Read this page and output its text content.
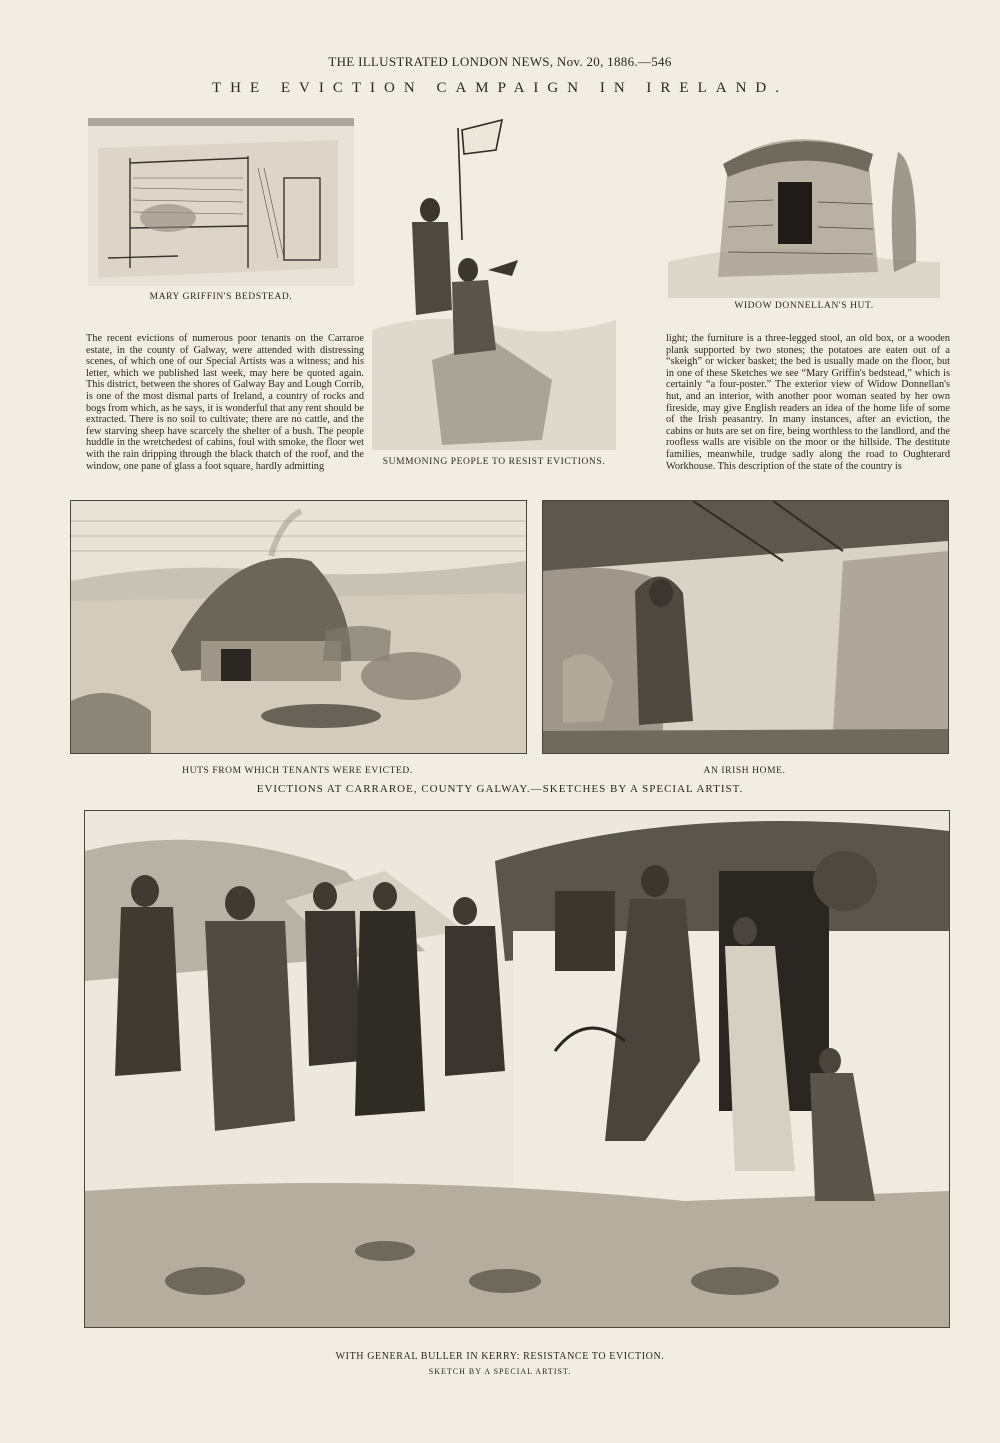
THE ILLUSTRATED LONDON NEWS, Nov. 20, 1886.—546
THE EVICTION CAMPAIGN IN IRELAND.
MARY GRIFFIN'S BEDSTEAD.
SUMMONING PEOPLE TO RESIST EVICTIONS.
WIDOW DONNELLAN'S HUT.
The recent evictions of numerous poor tenants on the Carraroe estate, in the county of Galway, were attended with distressing scenes, of which one of our Special Artists was a witness; and his letter, which we published last week, may here be quoted again. This district, between the shores of Galway Bay and Lough Corrib, is one of the most dismal parts of Ireland, a country of rocks and bogs from which, as he says, it is wonderful that any rent should be extracted. There is no soil to cultivate; there are no cattle, and the few starving sheep have scarcely the shelter of a bush. The people huddle in the wretchedest of cabins, foul with smoke, the floor wet with the rain dripping through the black thatch of the roof, and the window, one pane of glass a foot square, hardly admitting
light; the furniture is a three-legged stool, an old box, or a wooden plank supported by two stones; the potatoes are eaten out of a “skeigh” or wicker basket; the bed is usually made on the floor, but in one of these Sketches we see “Mary Griffin's bedstead,” which is certainly “a four-poster.” The exterior view of Widow Donnellan's hut, and an interior, with another poor woman seated by her own fireside, may give English readers an idea of the home life of some of the Irish peasantry. In many instances, after an eviction, the cabins or huts are set on fire, being worthless to the landlord, and the roofless walls are visible on the moor or the hillside. The destitute families, meanwhile, trudge sadly along the road to Oughterard Workhouse. This description of the state of the country is
HUTS FROM WHICH TENANTS WERE EVICTED.	AN IRISH HOME.
EVICTIONS AT CARRAROE, COUNTY GALWAY.—SKETCHES BY A SPECIAL ARTIST.
WITH GENERAL BULLER IN KERRY: RESISTANCE TO EVICTION.
SKETCH BY A SPECIAL ARTIST.
